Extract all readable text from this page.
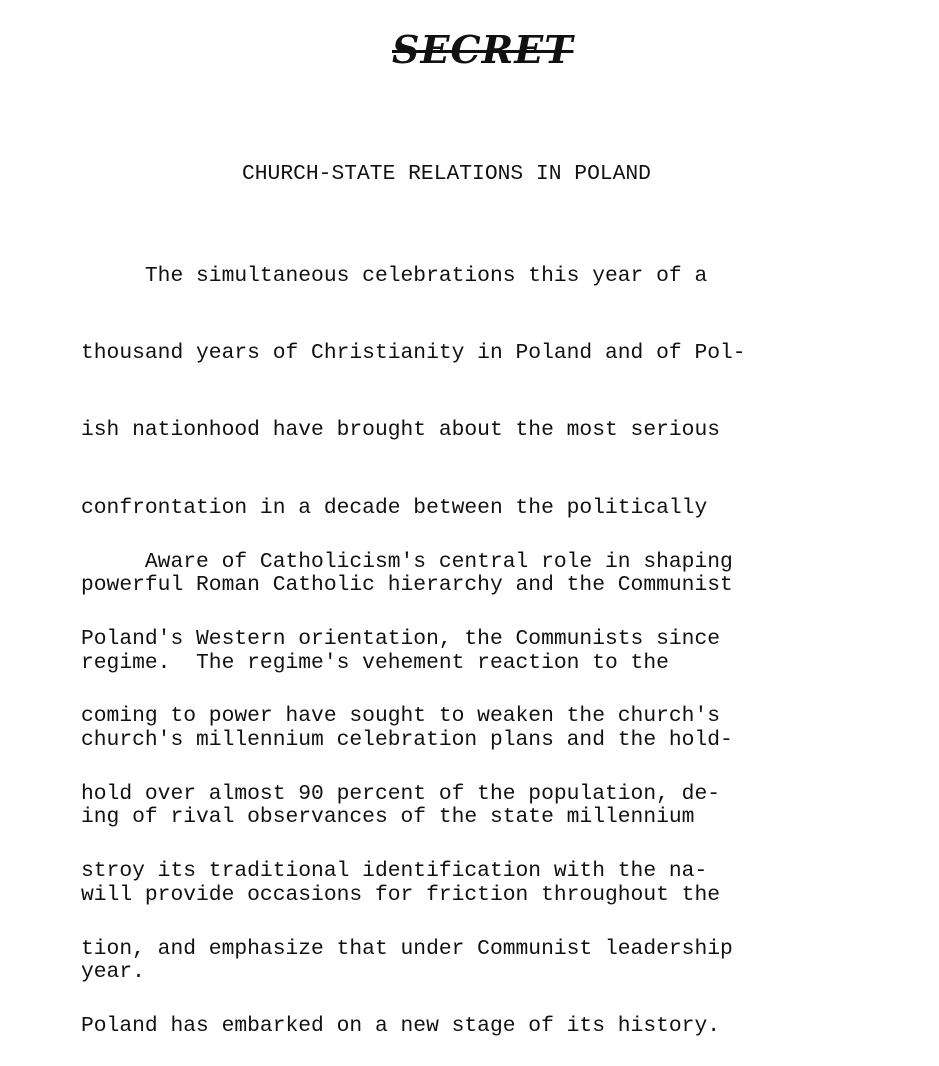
SECRET
CHURCH-STATE RELATIONS IN POLAND

The simultaneous celebrations this year of a

thousand years of Christianity in Poland and of Pol-

ish nationhood have brought about the most serious

confrontation in a decade between the politically

powerful Roman Catholic hierarchy and the Communist

regime.  The regime's vehement reaction to the

church's millennium celebration plans and the hold-

ing of rival observances of the state millennium

will provide occasions for friction throughout the

year.

Aware of Catholicism's central role in shaping

Poland's Western orientation, the Communists since

coming to power have sought to weaken the church's

hold over almost 90 percent of the population, de-

stroy its traditional identification with the na-

tion, and emphasize that under Communist leadership

Poland has embarked on a new stage of its history.
